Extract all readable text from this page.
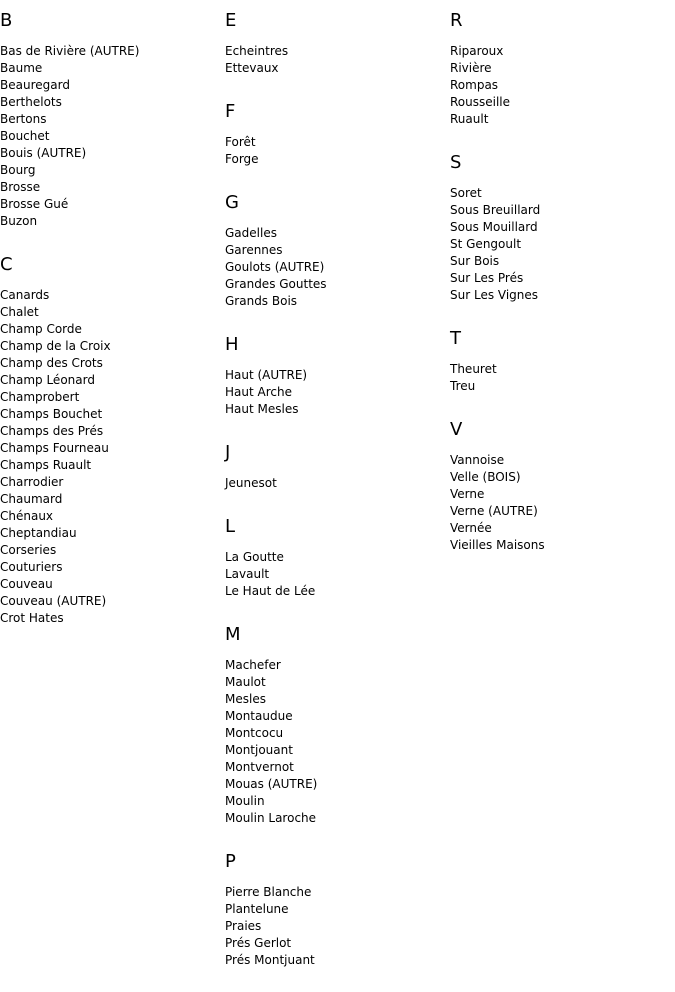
B
Bas de Rivière (AUTRE)
Baume
Beauregard
Berthelots
Bertons
Bouchet
Bouis (AUTRE)
Bourg
Brosse
Brosse Gué
Buzon
C
Canards
Chalet
Champ Corde
Champ de la Croix
Champ des Crots
Champ Léonard
Champrobert
Champs Bouchet
Champs des Prés
Champs Fourneau
Champs Ruault
Charrodier
Chaumard
Chénaux
Cheptandiau
Corseries
Couturiers
Couveau
Couveau (AUTRE)
Crot Hates
E
Echeintres
Ettevaux
F
Forêt
Forge
G
Gadelles
Garennes
Goulots (AUTRE)
Grandes Gouttes
Grands Bois
H
Haut (AUTRE)
Haut Arche
Haut Mesles
J
Jeunesot
L
La Goutte
Lavault
Le Haut de Lée
M
Machefer
Maulot
Mesles
Montaudue
Montcocu
Montjouant
Montvernot
Mouas (AUTRE)
Moulin
Moulin Laroche
P
Pierre Blanche
Plantelune
Praies
Prés Gerlot
Prés Montjuant
R
Riparoux
Rivière
Rompas
Rousseille
Ruault
S
Soret
Sous Breuillard
Sous Mouillard
St Gengoult
Sur Bois
Sur Les Prés
Sur Les Vignes
T
Theuret
Treu
V
Vannoise
Velle (BOIS)
Verne
Verne (AUTRE)
Vernée
Vieilles Maisons
